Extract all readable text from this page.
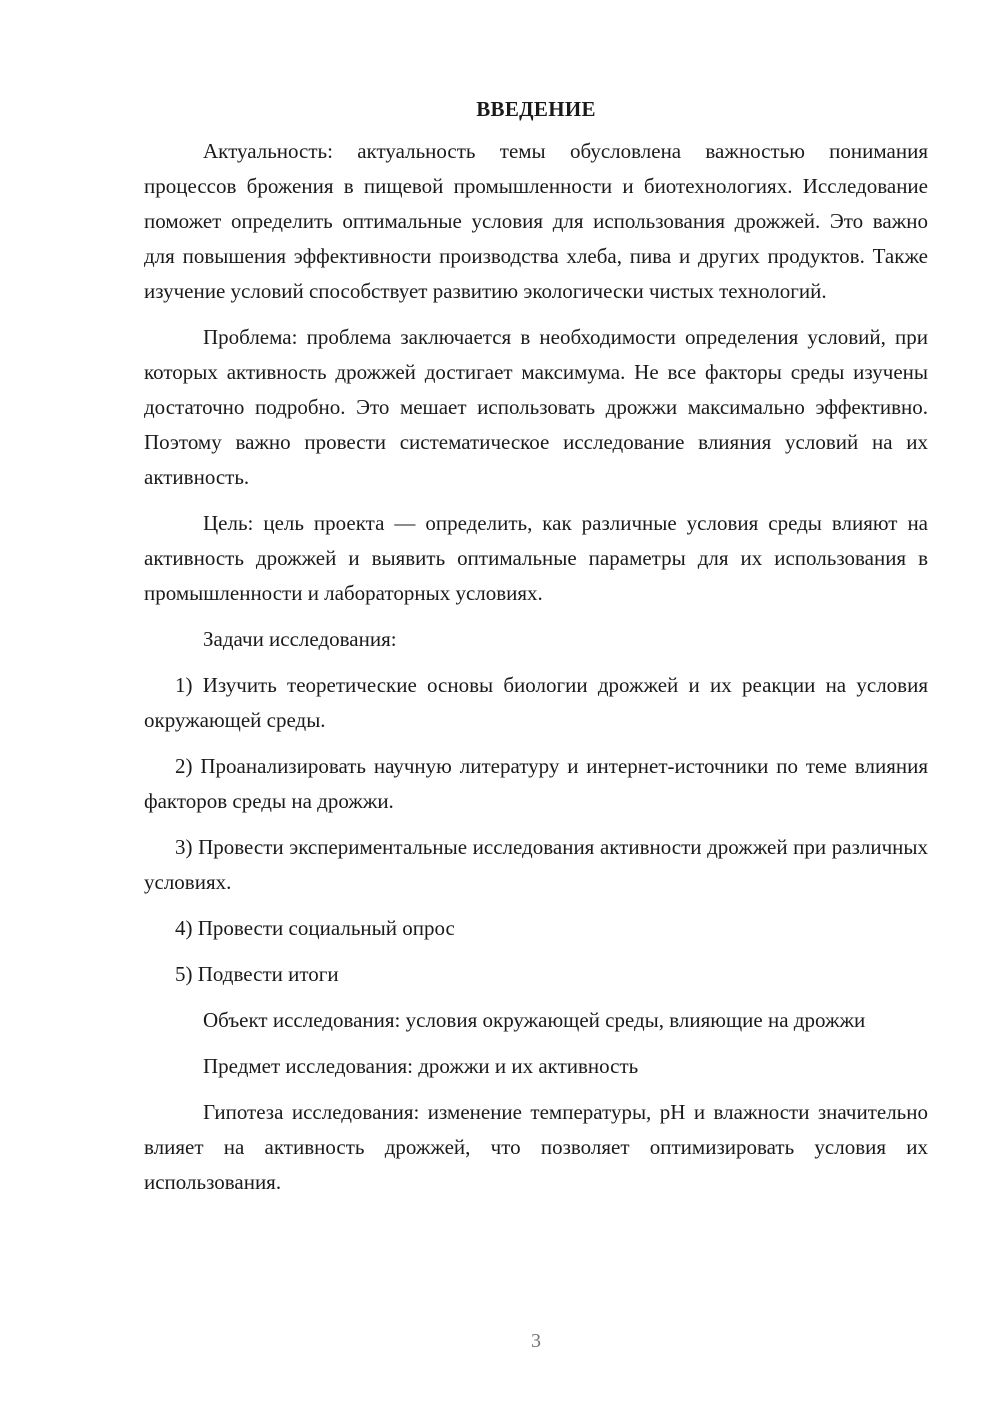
ВВЕДЕНИЕ

Актуальность: актуальность темы обусловлена важностью понимания процессов брожения в пищевой промышленности и биотехнологиях. Исследование поможет определить оптимальные условия для использования дрожжей. Это важно для повышения эффективности производства хлеба, пива и других продуктов. Также изучение условий способствует развитию экологически чистых технологий.

Проблема: проблема заключается в необходимости определения условий, при которых активность дрожжей достигает максимума. Не все факторы среды изучены достаточно подробно. Это мешает использовать дрожжи максимально эффективно. Поэтому важно провести систематическое исследование влияния условий на их активность.

Цель: цель проекта — определить, как различные условия среды влияют на активность дрожжей и выявить оптимальные параметры для их использования в промышленности и лабораторных условиях.

Задачи исследования:

1) Изучить теоретические основы биологии дрожжей и их реакции на условия окружающей среды.

2) Проанализировать научную литературу и интернет-источники по теме влияния факторов среды на дрожжи.

3) Провести экспериментальные исследования активности дрожжей при различных условиях.

4) Провести социальный опрос

5) Подвести итоги

Объект исследования: условия окружающей среды, влияющие на дрожжи

Предмет исследования: дрожжи и их активность

Гипотеза исследования: изменение температуры, pH и влажности значительно влияет на активность дрожжей, что позволяет оптимизировать условия их использования.

3
